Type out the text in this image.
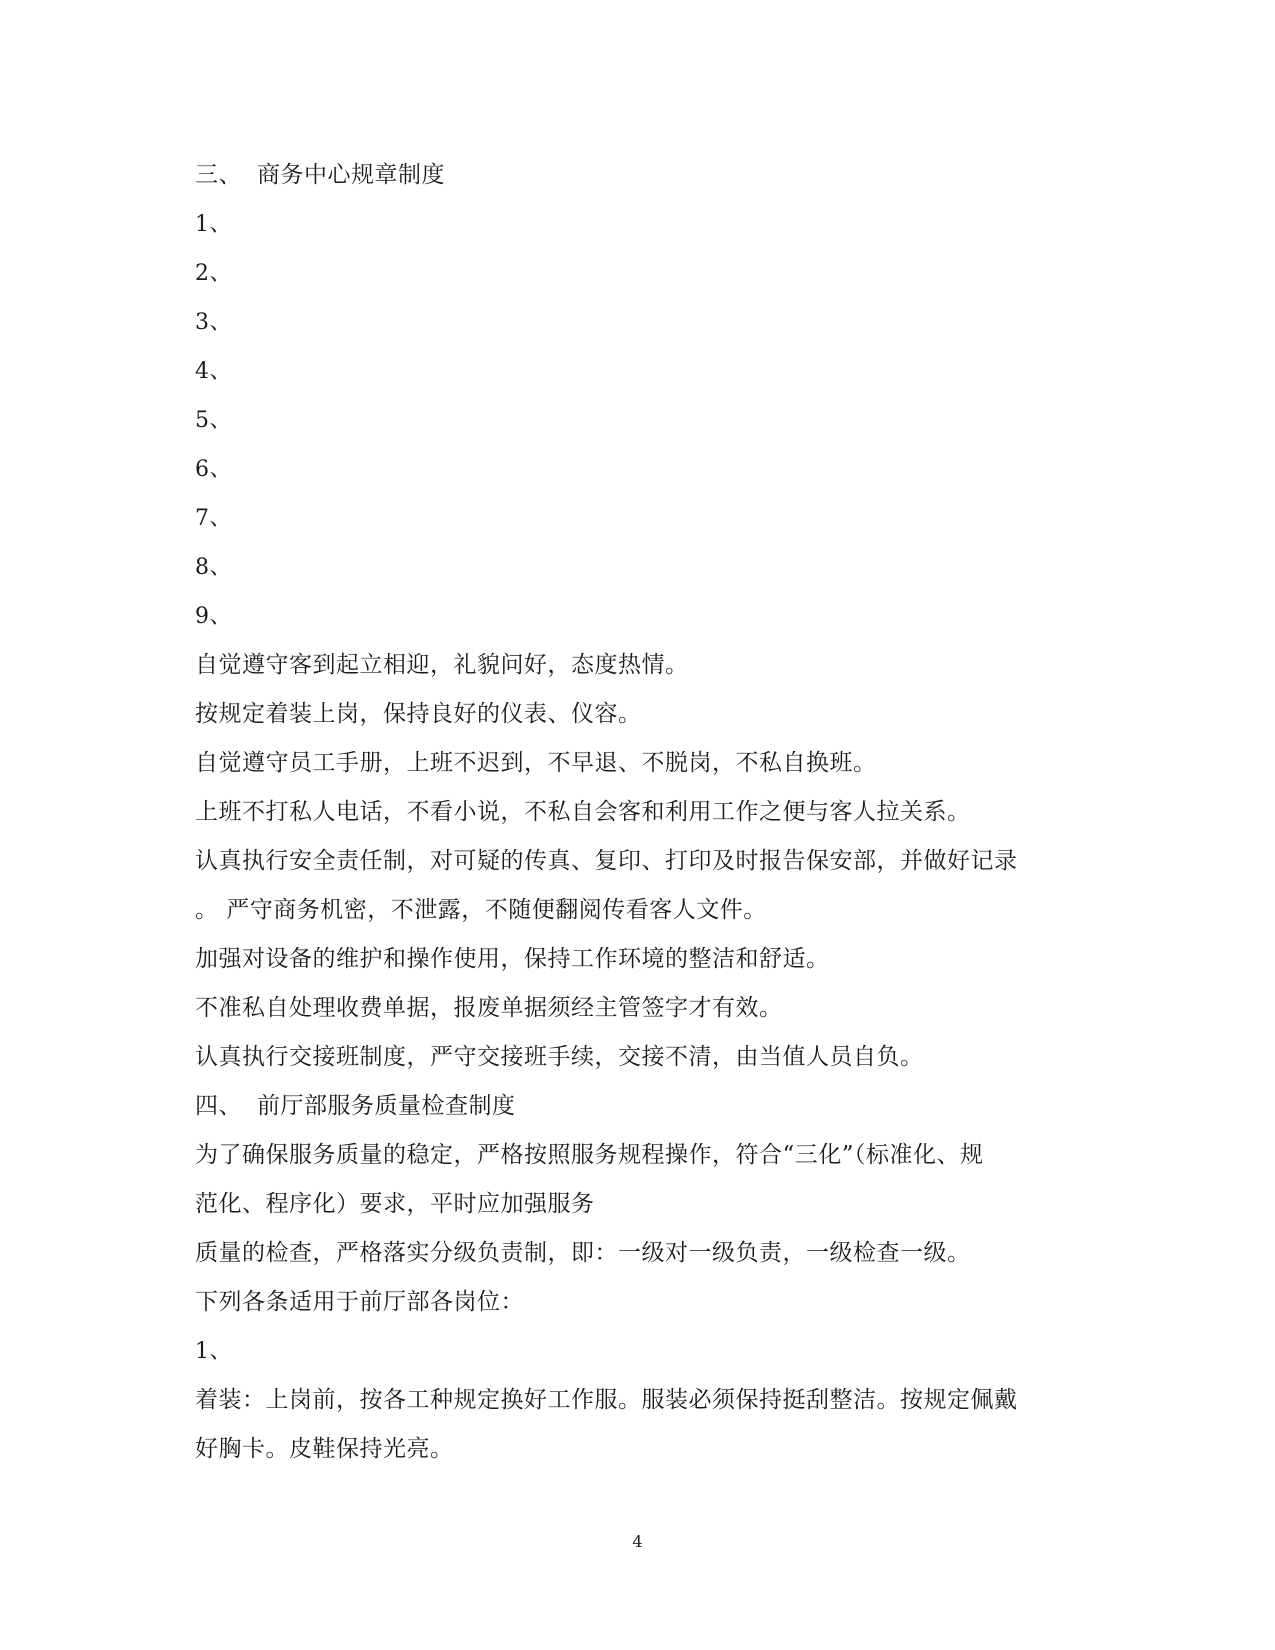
三、 商务中心规章制度
1、
2、
3、
4、
5、
6、
7、
8、
9、
自觉遵守客到起立相迎，礼貌问好，态度热情。
按规定着装上岗，保持良好的仪表、仪容。
自觉遵守员工手册，上班不迟到，不早退、不脱岗，不私自换班。
上班不打私人电话，不看小说，不私自会客和利用工作之便与客人拉关系。
认真执行安全责任制，对可疑的传真、复印、打印及时报告保安部，并做好记录
。 严守商务机密，不泄露，不随便翻阅传看客人文件。
加强对设备的维护和操作使用，保持工作环境的整洁和舒适。
不准私自处理收费单据，报废单据须经主管签字才有效。
认真执行交接班制度，严守交接班手续，交接不清，由当值人员自负。
四、 前厅部服务质量检查制度
为了确保服务质量的稳定，严格按照服务规程操作，符合“三化”（标准化、规
范化、程序化）要求，平时应加强服务
质量的检查，严格落实分级负责制，即：一级对一级负责，一级检查一级。
下列各条适用于前厅部各岗位：
1、
着装：上岗前，按各工种规定换好工作服。服装必须保持挺刮整洁。按规定佩戴
好胸卡。皮鞋保持光亮。
4
